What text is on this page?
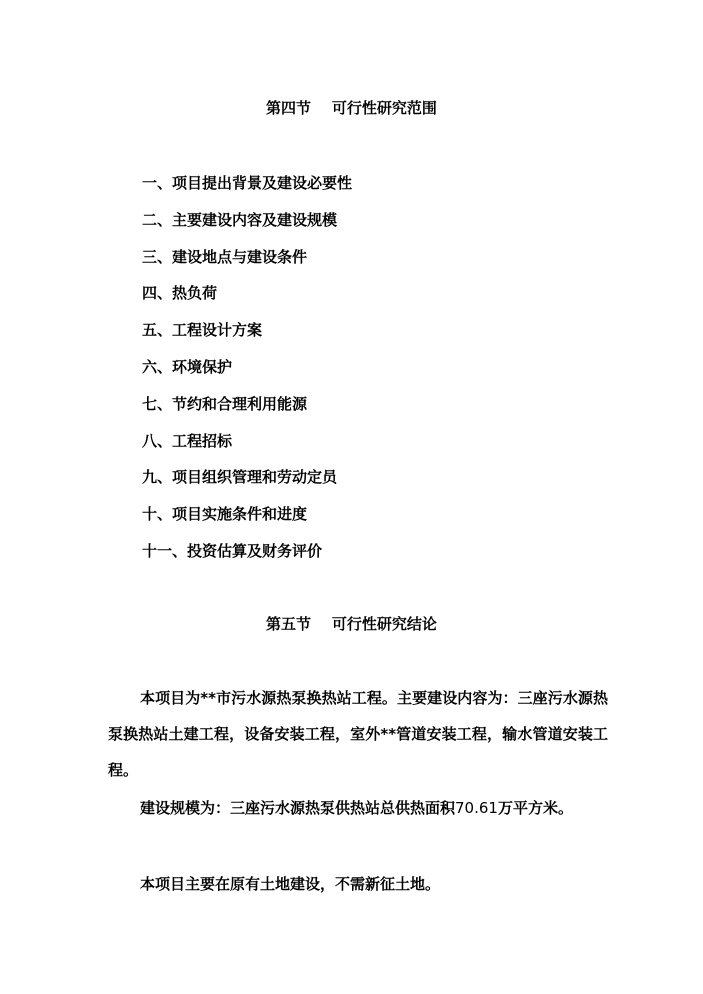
第四节    可行性研究范围
一、项目提出背景及建设必要性
二、主要建设内容及建设规模
三、建设地点与建设条件
四、热负荷
五、工程设计方案
六、环境保护
七、节约和合理利用能源
八、工程招标
九、项目组织管理和劳动定员
十、项目实施条件和进度
十一、投资估算及财务评价
第五节    可行性研究结论

本项目为**市污水源热泵换热站工程。主要建设内容为：三座污水源热泵换热站土建工程，设备安装工程，室外**管道安装工程，输水管道安装工程。

建设规模为：三座污水源热泵供热站总供热面积70.61万平方米。

本项目主要在原有土地建设，不需新征土地。
